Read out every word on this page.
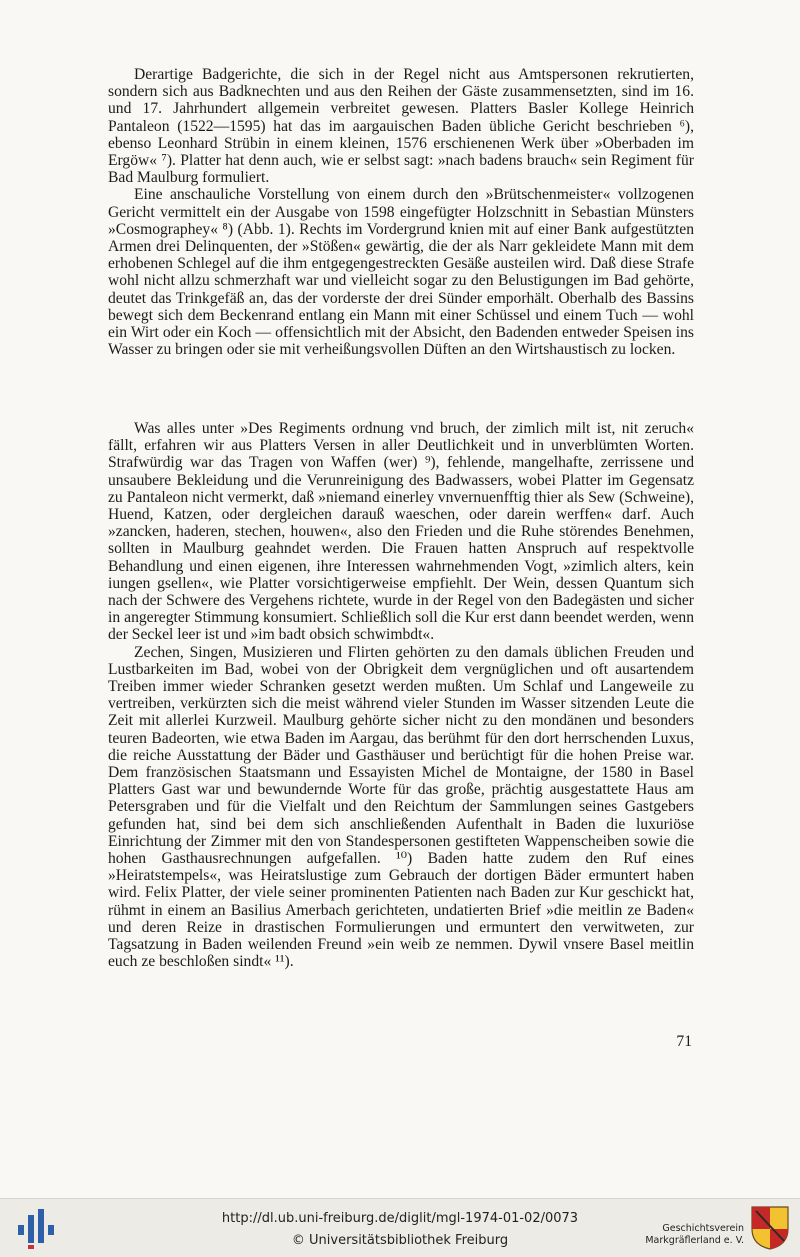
Derartige Badgerichte, die sich in der Regel nicht aus Amtspersonen rekrutierten, sondern sich aus Badknechten und aus den Reihen der Gäste zusammensetzten, sind im 16. und 17. Jahrhundert allgemein verbreitet gewesen. Platters Basler Kollege Heinrich Pantaleon (1522—1595) hat das im aargauischen Baden übliche Gericht beschrieben ⁶), ebenso Leonhard Strübin in einem kleinen, 1576 erschienenen Werk über »Oberbaden im Ergöw« ⁷). Platter hat denn auch, wie er selbst sagt: »nach badens brauch« sein Regiment für Bad Maulburg formuliert.

Eine anschauliche Vorstellung von einem durch den »Brütschenmeister« vollzogenen Gericht vermittelt ein der Ausgabe von 1598 eingefügter Holzschnitt in Sebastian Münsters »Cosmographey« ⁸) (Abb. 1). Rechts im Vordergrund knien mit auf einer Bank aufgestützten Armen drei Delinquenten, der »Stößen« gewärtig, die der als Narr gekleidete Mann mit dem erhobenen Schlegel auf die ihm entgegengestreckten Gesäße austeilen wird. Daß diese Strafe wohl nicht allzu schmerzhaft war und vielleicht sogar zu den Belustigungen im Bad gehörte, deutet das Trinkgefäß an, das der vorderste der drei Sünder emporhält. Oberhalb des Bassins bewegt sich dem Beckenrand entlang ein Mann mit einer Schüssel und einem Tuch — wohl ein Wirt oder ein Koch — offensichtlich mit der Absicht, den Badenden entweder Speisen ins Wasser zu bringen oder sie mit verheißungsvollen Düften an den Wirtshaustisch zu locken.

Was alles unter »Des Regiments ordnung vnd bruch, der zimlich milt ist, nit zeruch« fällt, erfahren wir aus Platters Versen in aller Deutlichkeit und in unverblümten Worten. Strafwürdig war das Tragen von Waffen (wer) ⁹), fehlende, mangelhafte, zerrissene und unsaubere Bekleidung und die Verunreinigung des Badwassers, wobei Platter im Gegensatz zu Pantaleon nicht vermerkt, daß »niemand einerley vnvernuenfftig thier als Sew (Schweine), Huend, Katzen, oder dergleichen darauß waeschen, oder darein werffen« darf. Auch »zancken, haderen, stechen, houwen«, also den Frieden und die Ruhe störendes Benehmen, sollten in Maulburg geahndet werden. Die Frauen hatten Anspruch auf respektvolle Behandlung und einen eigenen, ihre Interessen wahrnehmenden Vogt, »zimlich alters, kein iungen gsellen«, wie Platter vorsichtigerweise empfiehlt. Der Wein, dessen Quantum sich nach der Schwere des Vergehens richtete, wurde in der Regel von den Badegästen und sicher in angeregter Stimmung konsumiert. Schließlich soll die Kur erst dann beendet werden, wenn der Seckel leer ist und »im badt obsich schwimbdt«.

Zechen, Singen, Musizieren und Flirten gehörten zu den damals üblichen Freuden und Lustbarkeiten im Bad, wobei von der Obrigkeit dem vergnüglichen und oft ausartendem Treiben immer wieder Schranken gesetzt werden mußten. Um Schlaf und Langeweile zu vertreiben, verkürzten sich die meist während vieler Stunden im Wasser sitzenden Leute die Zeit mit allerlei Kurzweil. Maulburg gehörte sicher nicht zu den mondänen und besonders teuren Badeorten, wie etwa Baden im Aargau, das berühmt für den dort herrschenden Luxus, die reiche Ausstattung der Bäder und Gasthäuser und berüchtigt für die hohen Preise war. Dem französischen Staatsmann und Essayisten Michel de Montaigne, der 1580 in Basel Platters Gast war und bewundernde Worte für das große, prächtig ausgestattete Haus am Petersgraben und für die Vielfalt und den Reichtum der Sammlungen seines Gastgebers gefunden hat, sind bei dem sich anschließenden Aufenthalt in Baden die luxuriöse Einrichtung der Zimmer mit den von Standespersonen gestifteten Wappenscheiben sowie die hohen Gasthausrechnungen aufgefallen. ¹⁰) Baden hatte zudem den Ruf eines »Heiratstempels«, was Heiratslustige zum Gebrauch der dortigen Bäder ermuntert haben wird. Felix Platter, der viele seiner prominenten Patienten nach Baden zur Kur geschickt hat, rühmt in einem an Basilius Amerbach gerichteten, undatierten Brief »die meitlin ze Baden« und deren Reize in drastischen Formulierungen und ermuntert den verwitweten, zur Tagsatzung in Baden weilenden Freund »ein weib ze nemmen. Dywil vnsere Basel meitlin euch ze beschloßen sindt« ¹¹).

71
http://dl.ub.uni-freiburg.de/diglit/mgl-1974-01-02/0073
© Universitätsbibliothek Freiburg
Geschichtsverein
Markgräflerland e. V.
